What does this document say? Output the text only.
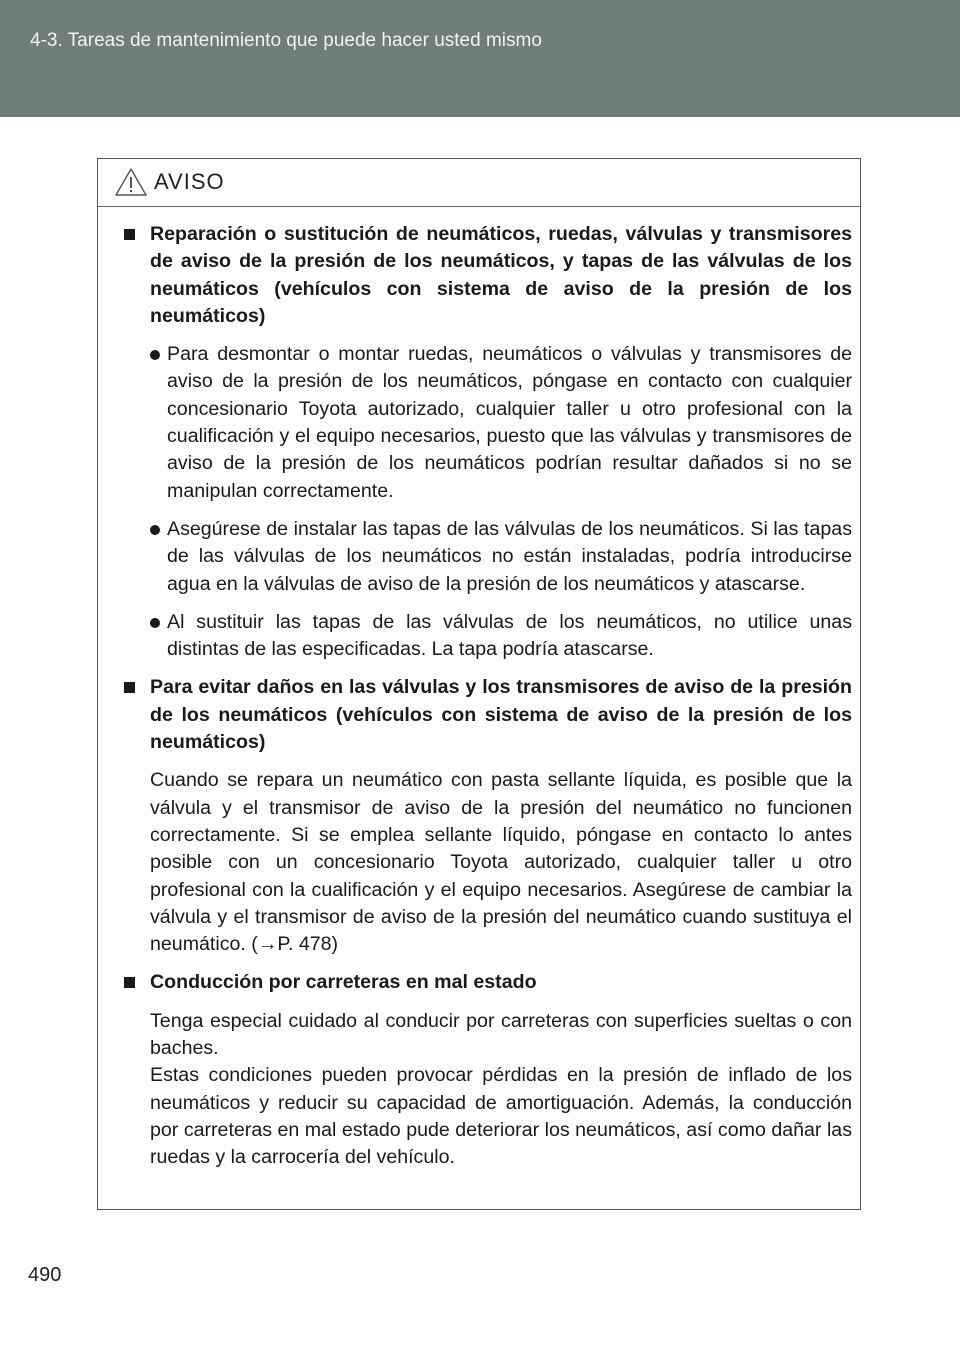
4-3. Tareas de mantenimiento que puede hacer usted mismo
AVISO
Reparación o sustitución de neumáticos, ruedas, válvulas y transmisores de aviso de la presión de los neumáticos, y tapas de las válvulas de los neumáticos (vehículos con sistema de aviso de la presión de los neumáticos)
Para desmontar o montar ruedas, neumáticos o válvulas y transmisores de aviso de la presión de los neumáticos, póngase en contacto con cualquier concesionario Toyota autorizado, cualquier taller u otro profesional con la cualificación y el equipo necesarios, puesto que las válvulas y transmisores de aviso de la presión de los neumáticos podrían resultar dañados si no se manipulan correctamente.
Asegúrese de instalar las tapas de las válvulas de los neumáticos. Si las tapas de las válvulas de los neumáticos no están instaladas, podría introducirse agua en la válvulas de aviso de la presión de los neumáticos y atascarse.
Al sustituir las tapas de las válvulas de los neumáticos, no utilice unas distintas de las especificadas. La tapa podría atascarse.
Para evitar daños en las válvulas y los transmisores de aviso de la presión de los neumáticos (vehículos con sistema de aviso de la presión de los neumáticos)
Cuando se repara un neumático con pasta sellante líquida, es posible que la válvula y el transmisor de aviso de la presión del neumático no funcionen correctamente. Si se emplea sellante líquido, póngase en contacto lo antes posible con un concesionario Toyota autorizado, cualquier taller u otro profesional con la cualificación y el equipo necesarios. Asegúrese de cambiar la válvula y el transmisor de aviso de la presión del neumático cuando sustituya el neumático. (→P. 478)
Conducción por carreteras en mal estado
Tenga especial cuidado al conducir por carreteras con superficies sueltas o con baches.
Estas condiciones pueden provocar pérdidas en la presión de inflado de los neumáticos y reducir su capacidad de amortiguación. Además, la conducción por carreteras en mal estado pude deteriorar los neumáticos, así como dañar las ruedas y la carrocería del vehículo.
490
